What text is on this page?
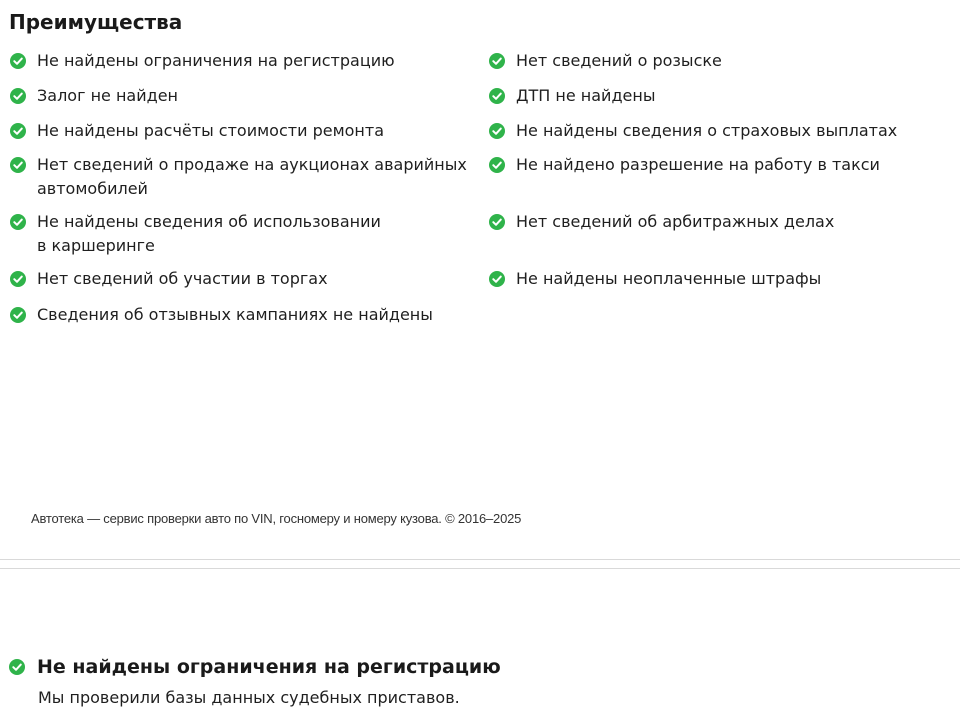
Преимущества
Не найдены ограничения на регистрацию
Залог не найден
Не найдены расчёты стоимости ремонта
Нет сведений о продаже на аукционах аварийных
автомобилей
Не найдены сведения об использовании
в каршеринге
Нет сведений об участии в торгах
Сведения об отзывных кампаниях не найдены
Нет сведений о розыске
ДТП не найдены
Не найдены сведения о страховых выплатах
Не найдено разрешение на работу в такси
Нет сведений об арбитражных делах
Не найдены неоплаченные штрафы
Автотека — сервис проверки авто по VIN, госномеру и номеру кузова. © 2016–2025
Не найдены ограничения на регистрацию
Мы проверили базы данных судебных приставов.
